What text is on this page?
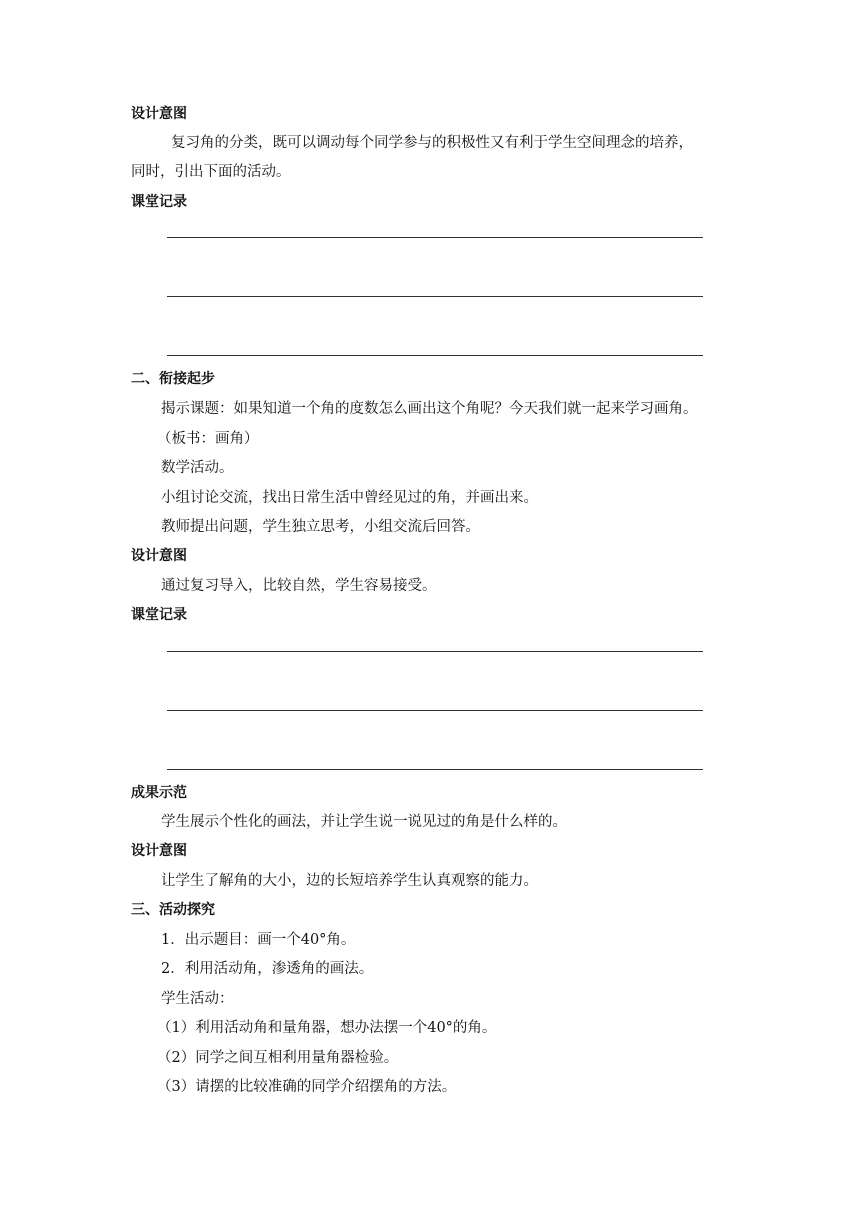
设计意图
复习角的分类，既可以调动每个同学参与的积极性又有利于学生空间理念的培养，
同时，引出下面的活动。
课堂记录
二、衔接起步
揭示课题：如果知道一个角的度数怎么画出这个角呢？今天我们就一起来学习画角。
（板书：画角）
数学活动。
小组讨论交流，找出日常生活中曾经见过的角，并画出来。
教师提出问题，学生独立思考，小组交流后回答。
设计意图
通过复习导入，比较自然，学生容易接受。
课堂记录
成果示范
学生展示个性化的画法，并让学生说一说见过的角是什么样的。
设计意图
让学生了解角的大小，边的长短培养学生认真观察的能力。
三、活动探究
1．出示题目：画一个40°角。
2．利用活动角，渗透角的画法。
学生活动：
（1）利用活动角和量角器，想办法摆一个40°的角。
（2）同学之间互相利用量角器检验。
（3）请摆的比较准确的同学介绍摆角的方法。
